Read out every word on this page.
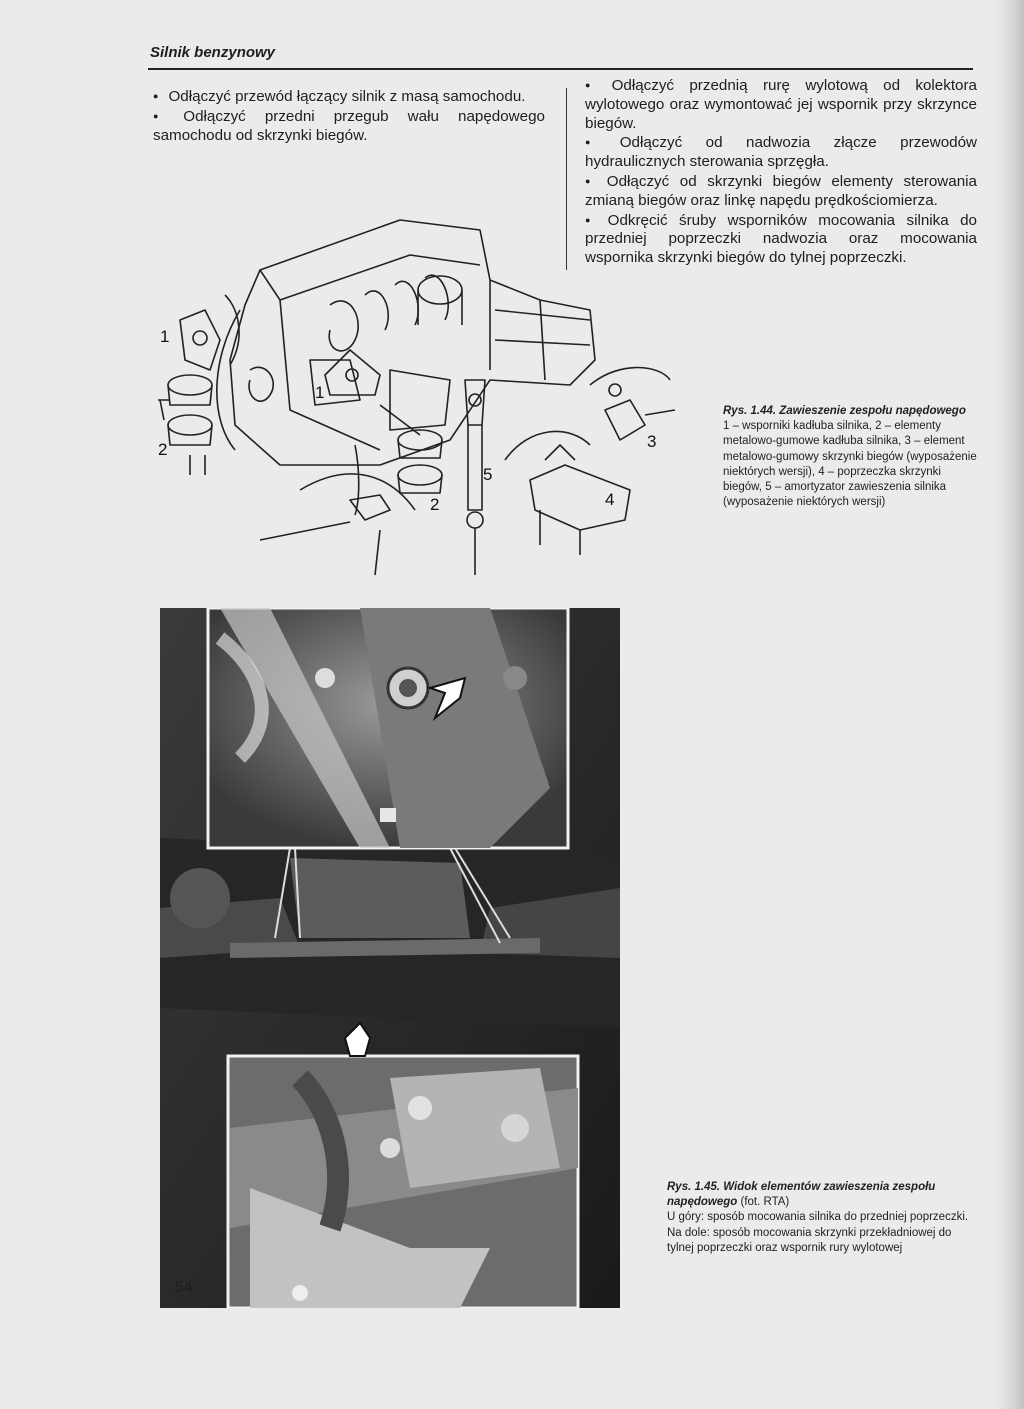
Silnik benzynowy
● Odłączyć przewód łączący silnik z masą samochodu.
● Odłączyć przedni przegub wału napędowego samochodu od skrzynki biegów.
● Odłączyć przednią rurę wylotową od kolektora wylotowego oraz wymontować jej wspornik przy skrzynce biegów.
● Odłączyć od nadwozia złącze przewodów hydraulicznych sterowania sprzęgła.
● Odłączyć od skrzynki biegów elementy sterowania zmianą biegów oraz linkę napędu prędkościomierza.
● Odkręcić śruby wsporników mocowania silnika do przedniej poprzeczki nadwozia oraz mocowania wspornika skrzynki biegów do tylnej poprzeczki.
1
2
1
2
3
4
5
Rys. 1.44. Zawieszenie zespołu napędowego
1 – wsporniki kadłuba silnika, 2 – elementy metalowo-gumowe kadłuba silnika, 3 – element metalowo-gumowy skrzynki biegów (wyposażenie niektórych wersji), 4 – poprzeczka skrzynki biegów, 5 – amortyzator zawieszenia silnika (wyposażenie niektórych wersji)
Rys. 1.45. Widok elementów zawieszenia zespołu napędowego (fot. RTA)
U góry: sposób mocowania silnika do przedniej poprzeczki. Na dole: sposób mocowania skrzynki przekładniowej do tylnej poprzeczki oraz wspornik rury wylotowej
54
